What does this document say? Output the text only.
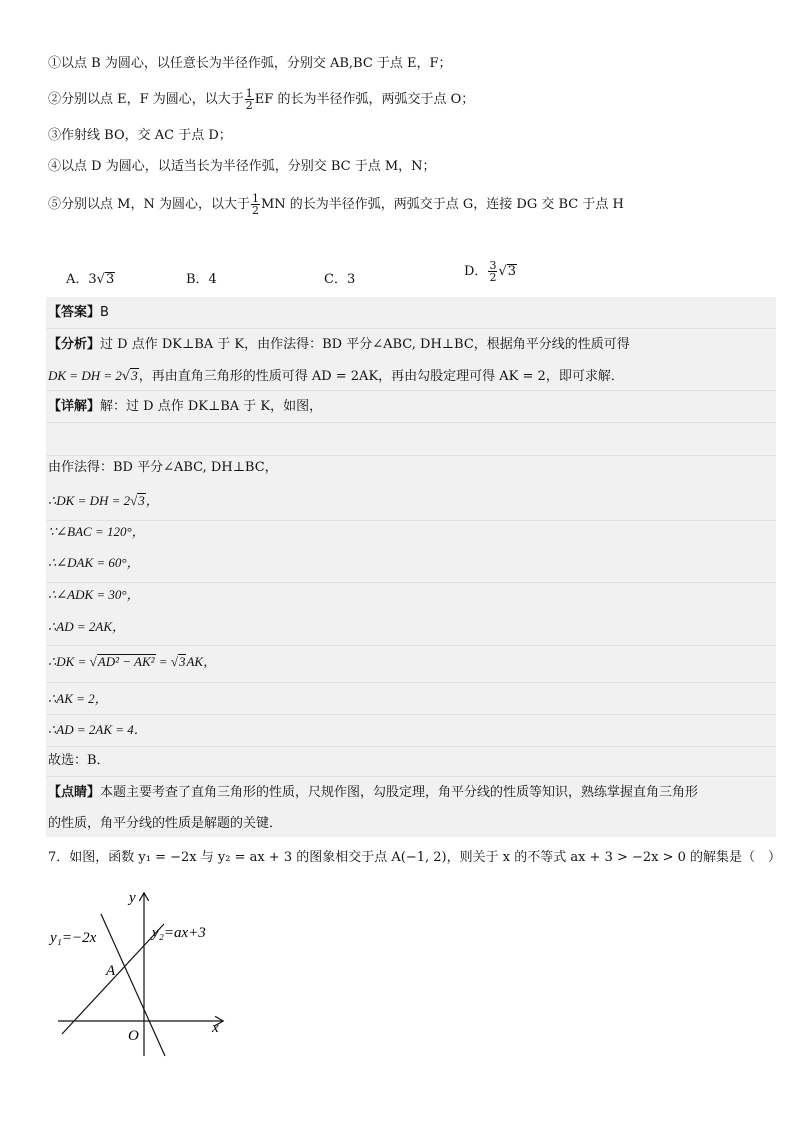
①以点 B 为圆心，以任意长为半径作弧，分别交 AB,BC 于点 E，F；
②分别以点 E，F 为圆心，以大于 $\frac{1}{2}$ EF 的长为半径作弧，两弧交于点 O；
③作射线 BO，交 AC 于点 D；
④以点 D 为圆心，以适当长为半径作弧，分别交 BC 于点 M，N；
⑤分别以点 M，N 为圆心，以大于 $\frac{1}{2}$ MN 的长为半径作弧，两弧交于点 G，连接 DG 交 BC 于点 H
A．3√3	B．4	C．3
D． $\frac{3}{2} √3$
【答案】B
【分析】过 D 点作 DK⊥BA 于 K，由作法得：BD 平分∠ABC, DH⊥BC，根据角平分线的性质可得
DK = DH = 2√3，再由直角三角形的性质可得 AD = 2AK，再由勾股定理可得 AK = 2，即可求解．
【详解】解：过 D 点作 DK⊥BA 于 K，如图，
由作法得：BD 平分∠ABC, DH⊥BC，
∴DK = DH = 2√3，
∵∠BAC = 120°，
∴∠DAK = 60°，
∴∠ADK = 30°，
∴AD = 2AK，
∴DK = √AD² − AK² = √3AK，
∴AK = 2，
∴AD = 2AK = 4．
故选：B．
【点睛】本题主要考查了直角三角形的性质，尺规作图，勾股定理，角平分线的性质等知识，熟练掌握直角三角形
的性质，角平分线的性质是解题的关键．
7．如图，函数 y₁ = −2x 与 y₂ = ax + 3 的图象相交于点 A(−1, 2)，则关于 x 的不等式 ax + 3 > −2x > 0 的解集是（　）
y₁=−2x	y₂=ax+3
A
O	x
y
